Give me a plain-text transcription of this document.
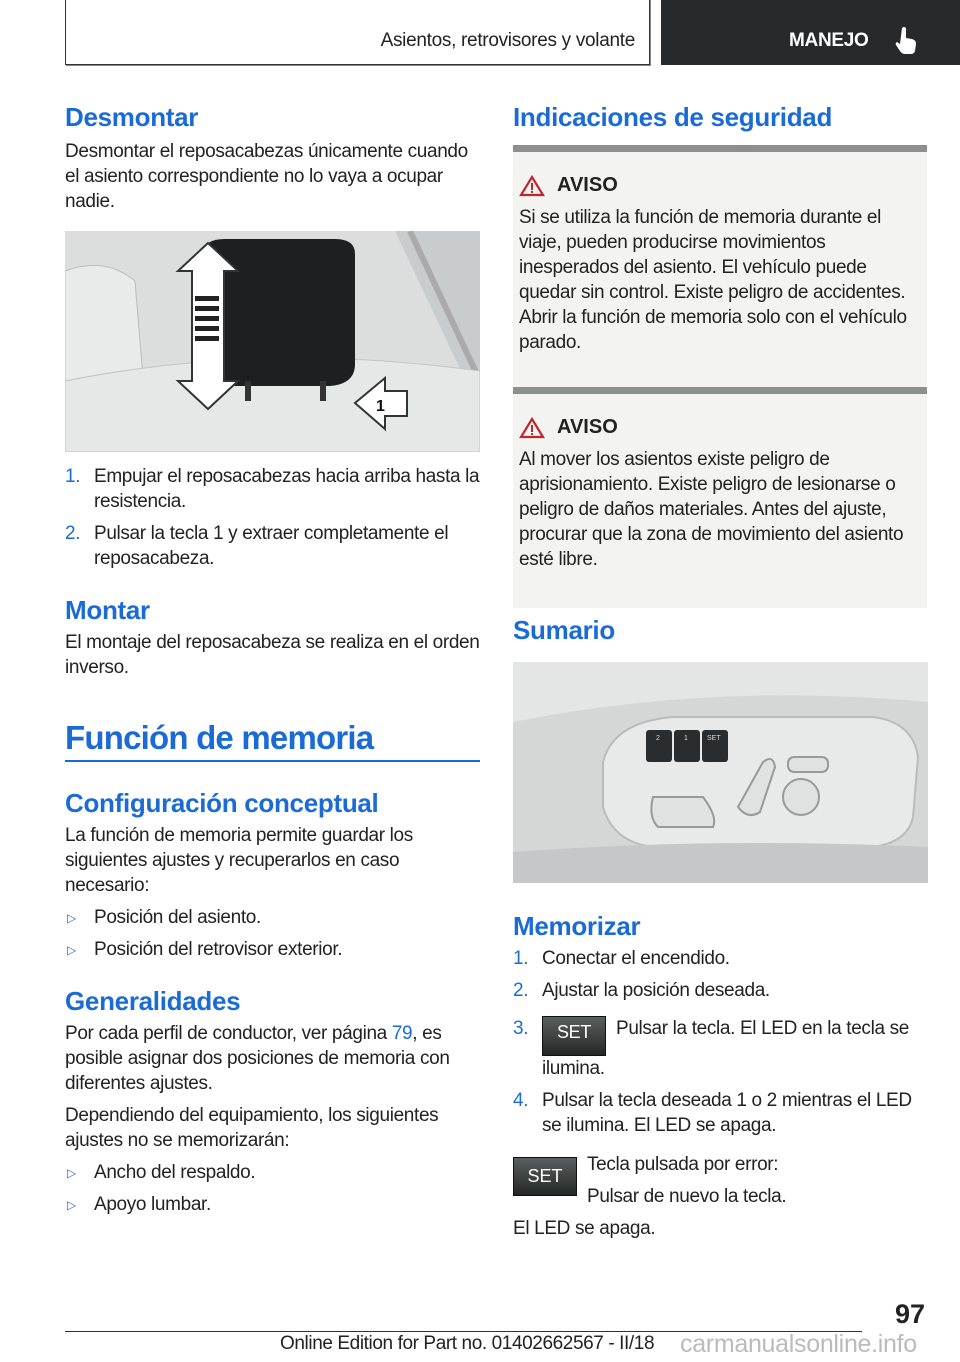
Asientos, retrovisores y volante	MANEJO
Desmontar
Desmontar el reposacabezas únicamente cuando el asiento correspondiente no lo vaya a ocupar nadie.
1
1. Empujar el reposacabezas hacia arriba hasta la resistencia.
2. Pulsar la tecla 1 y extraer completamente el reposacabeza.
Montar
El montaje del reposacabeza se realiza en el orden inverso.
Función de memoria
Configuración conceptual
La función de memoria permite guardar los siguientes ajustes y recuperarlos en caso necesario:
▷ Posición del asiento.
▷ Posición del retrovisor exterior.
Generalidades
Por cada perfil de conductor, ver página 79, es posible asignar dos posiciones de memoria con diferentes ajustes.
Dependiendo del equipamiento, los siguientes ajustes no se memorizarán:
▷ Ancho del respaldo.
▷ Apoyo lumbar.
Indicaciones de seguridad
AVISO
Si se utiliza la función de memoria durante el viaje, pueden producirse movimientos inesperados del asiento. El vehículo puede quedar sin control. Existe peligro de accidentes. Abrir la función de memoria solo con el vehículo parado.
AVISO
Al mover los asientos existe peligro de aprisionamiento. Existe peligro de lesionarse o peligro de daños materiales. Antes del ajuste, procurar que la zona de movimiento del asiento esté libre.
Sumario
2	1	SET
Memorizar
1. Conectar el encendido.
2. Ajustar la posición deseada.
3. SET Pulsar la tecla. El LED en la tecla se ilumina.
4. Pulsar la tecla deseada 1 o 2 mientras el LED se ilumina. El LED se apaga.
SET
Tecla pulsada por error:
Pulsar de nuevo la tecla.
El LED se apaga.
97
Online Edition for Part no. 01402662567 - II/18 carmanualsonline.info
